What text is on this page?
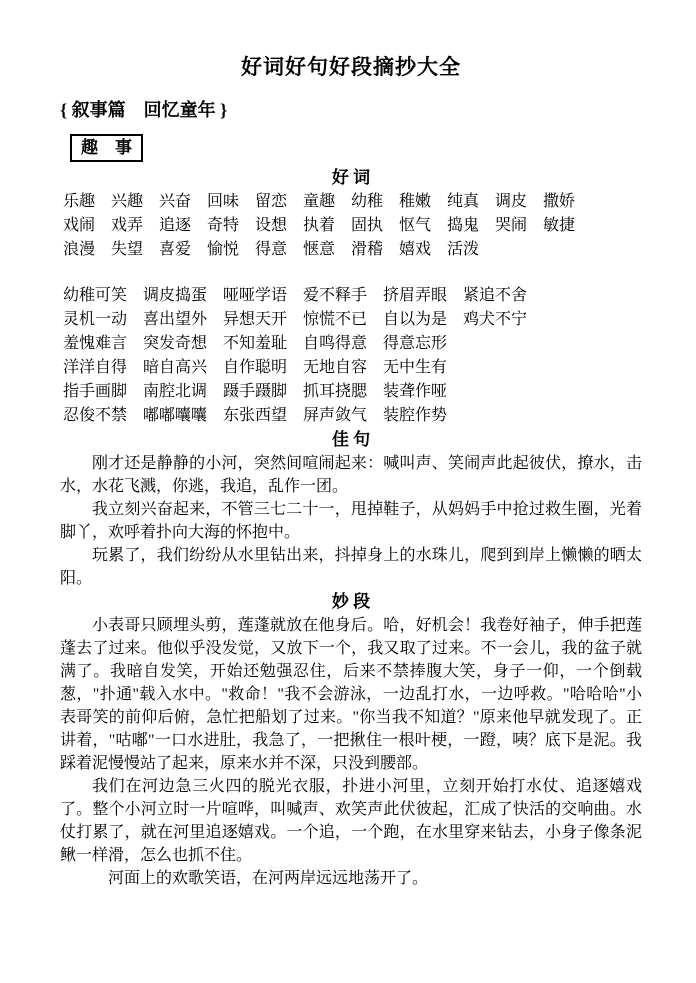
好词好句好段摘抄大全
{ 叙事篇　回忆童年 }
趣　事
好 词
乐趣　兴趣　兴奋　回味　留恋　童趣　幼稚　稚嫩　纯真　调皮　撒娇
戏闹　戏弄　追逐　奇特　设想　执着　固执　怄气　捣鬼　哭闹　敏捷
浪漫　失望　喜爱　愉悦　得意　惬意　滑稽　嬉戏　活泼
幼稚可笑　调皮捣蛋　哑哑学语　爱不释手　挤眉弄眼　紧追不舍
灵机一动　喜出望外　异想天开　惊慌不已　自以为是　鸡犬不宁
羞愧难言　突发奇想　不知羞耻　自鸣得意　得意忘形
洋洋自得　暗自高兴　自作聪明　无地自容　无中生有
指手画脚　南腔北调　蹑手蹑脚　抓耳挠腮　装聋作哑
忍俊不禁　嘟嘟囔囔　东张西望　屏声敛气　装腔作势
佳 句

刚才还是静静的小河，突然间喧闹起来：喊叫声、笑闹声此起彼伏，撩水，击水，水花飞溅，你逃，我追，乱作一团。

我立刻兴奋起来，不管三七二十一，甩掉鞋子，从妈妈手中抢过救生圈，光着脚丫，欢呼着扑向大海的怀抱中。

玩累了，我们纷纷从水里钻出来，抖掉身上的水珠儿，爬到到岸上懒懒的晒太阳。

妙 段

小表哥只顾埋头剪，莲蓬就放在他身后。哈，好机会！我卷好袖子，伸手把莲蓬去了过来。他似乎没发觉，又放下一个，我又取了过来。不一会儿，我的盆子就满了。我暗自发笑，开始还勉强忍住，后来不禁捧腹大笑，身子一仰，一个倒载葱，"扑通"载入水中。"救命！"我不会游泳，一边乱打水，一边呼救。"哈哈哈"小表哥笑的前仰后俯，急忙把船划了过来。"你当我不知道？"原来他早就发现了。正讲着，"咕嘟"一口水进肚，我急了，一把揪住一根叶梗，一蹬，咦？底下是泥。我踩着泥慢慢站了起来，原来水并不深，只没到腰部。

我们在河边急三火四的脱光衣服，扑进小河里，立刻开始打水仗、追逐嬉戏了。整个小河立时一片喧哗，叫喊声、欢笑声此伏彼起，汇成了快活的交响曲。水仗打累了，就在河里追逐嬉戏。一个追，一个跑，在水里穿来钻去，小身子像条泥鳅一样滑，怎么也抓不住。

河面上的欢歌笑语，在河两岸远远地荡开了。
